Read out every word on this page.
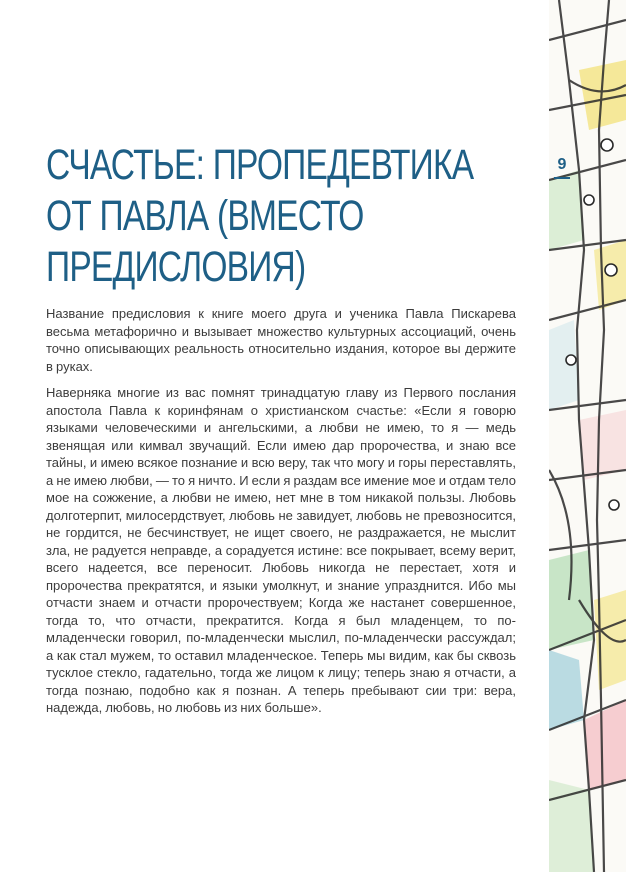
СЧАСТЬЕ: ПРОПЕДЕВТИКА ОТ ПАВЛА (ВМЕСТО ПРЕДИСЛОВИЯ)

Название предисловия к книге моего друга и ученика Павла Пискарева весьма метафорично и вызывает множество культурных ассоциаций, очень точно описывающих реальность относительно издания, которое вы держите в руках.

Наверняка многие из вас помнят тринадцатую главу из Первого послания апостола Павла к коринфянам о христианском счастье: «Если я говорю языками человеческими и ангельскими, а любви не имею, то я — медь звенящая или кимвал звучащий. Если имею дар пророчества, и знаю все тайны, и имею всякое познание и всю веру, так что могу и горы переставлять, а не имею любви, — то я ничто. И если я раздам все имение мое и отдам тело мое на сожжение, а любви не имею, нет мне в том никакой пользы. Любовь долготерпит, милосердствует, любовь не завидует, любовь не превозносится, не гордится, не бесчинствует, не ищет своего, не раздражается, не мыслит зла, не радуется неправде, а сорадуется истине: все покрывает, всему верит, всего надеется, все переносит. Любовь никогда не перестает, хотя и пророчества прекратятся, и языки умолкнут, и знание упразднится. Ибо мы отчасти знаем и отчасти пророчествуем; Когда же настанет совершенное, тогда то, что отчасти, прекратится. Когда я был младенцем, то по-младенчески говорил, по-младенчески мыслил, по-младенчески рассуждал; а как стал мужем, то оставил младенческое. Теперь мы видим, как бы сквозь тусклое стекло, гадательно, тогда же лицом к лицу; теперь знаю я отчасти, а тогда познаю, подобно как я познан. А теперь пребывают сии три: вера, надежда, любовь, но любовь из них больше».

9
